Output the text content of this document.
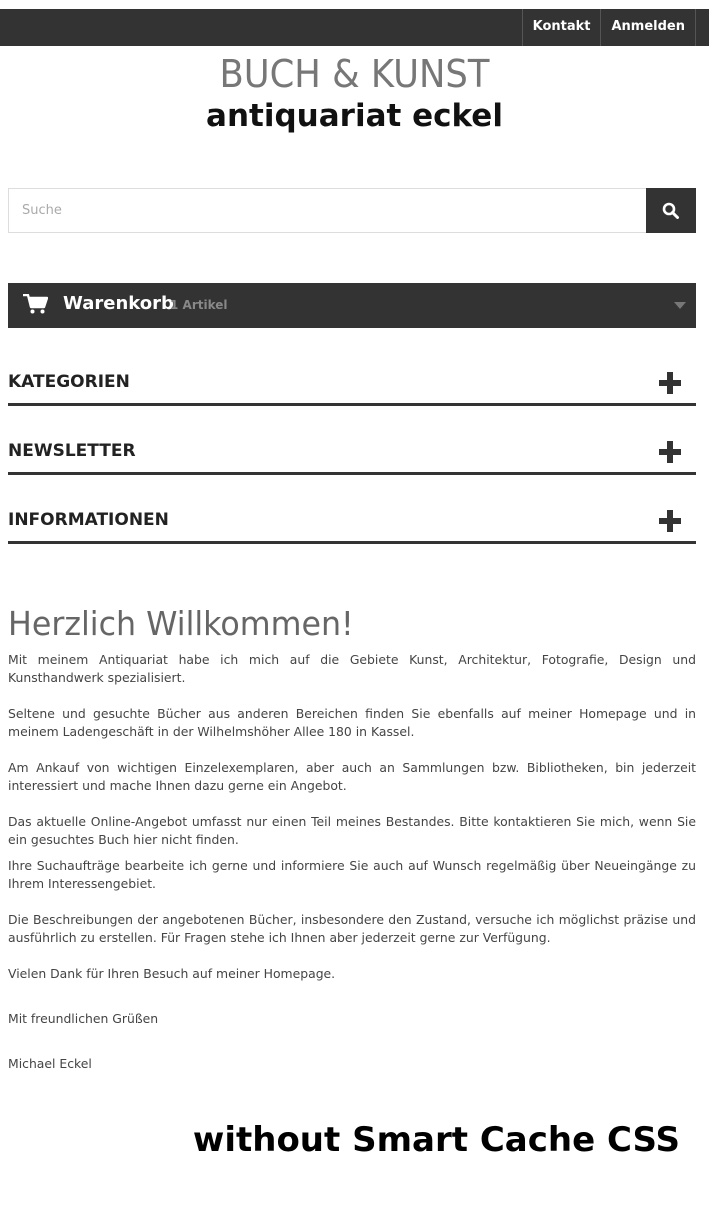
Kontakt	Anmelden
BUCH & KUNST
antiquariat eckel
Suche
Warenkorb
1 Artikel
KATEGORIEN
NEWSLETTER
INFORMATIONEN
Herzlich Willkommen!

Mit meinem Antiquariat habe ich mich auf die Gebiete Kunst, Architektur, Fotografie, Design und Kunsthandwerk spezialisiert.

Seltene und gesuchte Bücher aus anderen Bereichen finden Sie ebenfalls auf meiner Homepage und in meinem Ladengeschäft in der Wilhelmshöher Allee 180 in Kassel.

Am Ankauf von wichtigen Einzelexemplaren, aber auch an Sammlungen bzw. Bibliotheken, bin jederzeit interessiert und mache Ihnen dazu gerne ein Angebot.

Das aktuelle Online-Angebot umfasst nur einen Teil meines Bestandes. Bitte kontaktieren Sie mich, wenn Sie ein gesuchtes Buch hier nicht finden.

Ihre Suchaufträge bearbeite ich gerne und informiere Sie auch auf Wunsch regelmäßig über Neueingänge zu Ihrem Interessengebiet.

Die Beschreibungen der angebotenen Bücher, insbesondere den Zustand, versuche ich möglichst präzise und ausführlich zu erstellen. Für Fragen stehe ich Ihnen aber jederzeit gerne zur Verfügung.

Vielen Dank für Ihren Besuch auf meiner Homepage.

Mit freundlichen Grüßen

Michael Eckel

without Smart Cache CSS
